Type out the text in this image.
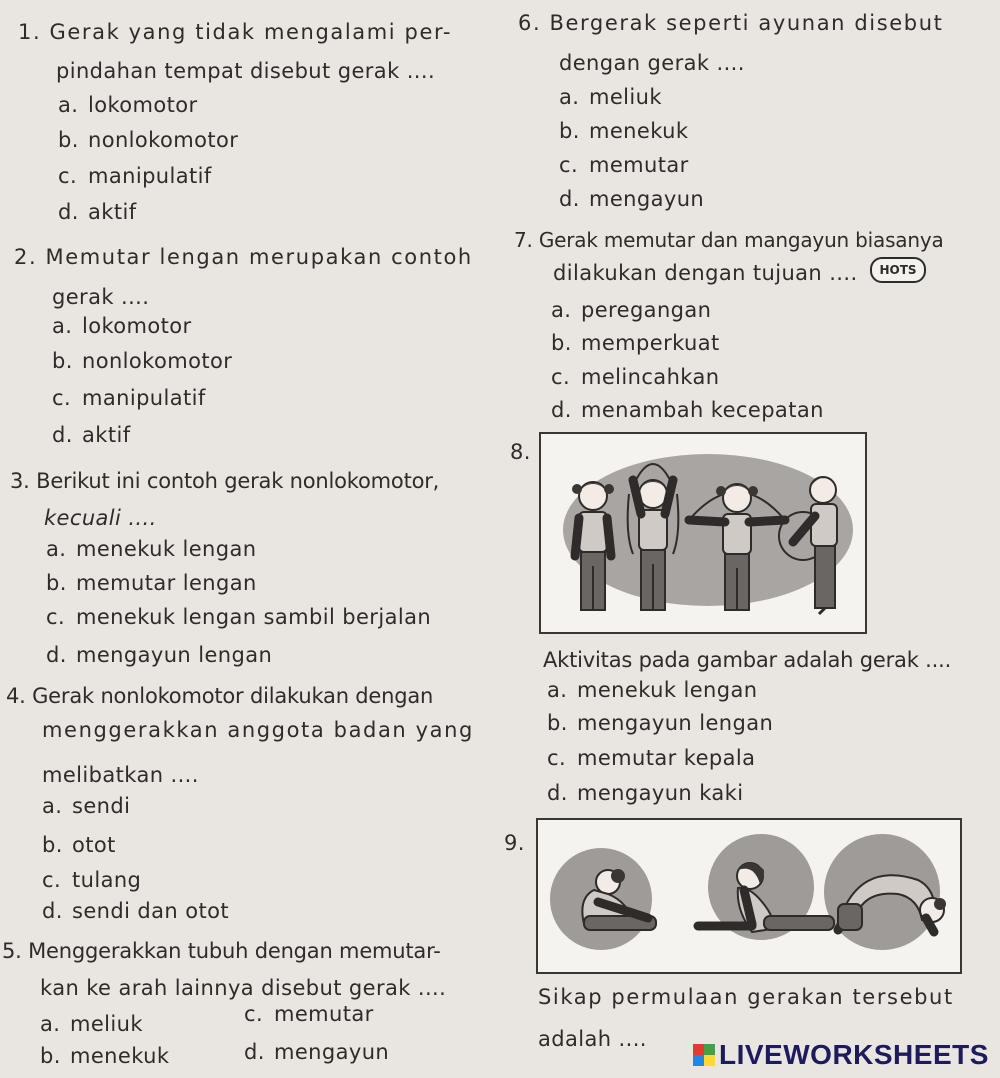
1. Gerak yang tidak mengalami per-
pindahan tempat disebut gerak ....
a. lokomotor
b. nonlokomotor
c. manipulatif
d. aktif
2. Memutar lengan merupakan contoh
gerak ....
a. lokomotor
b. nonlokomotor
c. manipulatif
d. aktif
3. Berikut ini contoh gerak nonlokomotor,
kecuali ....
a. menekuk lengan
b. memutar lengan
c. menekuk lengan sambil berjalan
d. mengayun lengan
4. Gerak nonlokomotor dilakukan dengan
menggerakkan anggota badan yang
melibatkan ....
a. sendi
b. otot
c. tulang
d. sendi dan otot
5. Menggerakkan tubuh dengan memutar-
kan ke arah lainnya disebut gerak ....
a. meliuk
b. menekuk
c. memutar
d. mengayun
6. Bergerak seperti ayunan disebut
dengan gerak ....
a. meliuk
b. menekuk
c. memutar
d. mengayun
7. Gerak memutar dan mangayun biasanya
dilakukan dengan tujuan ....	HOTS
a. peregangan
b. memperkuat
c. melincahkan
d. menambah kecepatan
8.
Aktivitas pada gambar adalah gerak ....
a. menekuk lengan
b. mengayun lengan
c. memutar kepala
d. mengayun kaki
9.
Sikap permulaan gerakan tersebut
adalah ....	LIVEWORKSHEETS
